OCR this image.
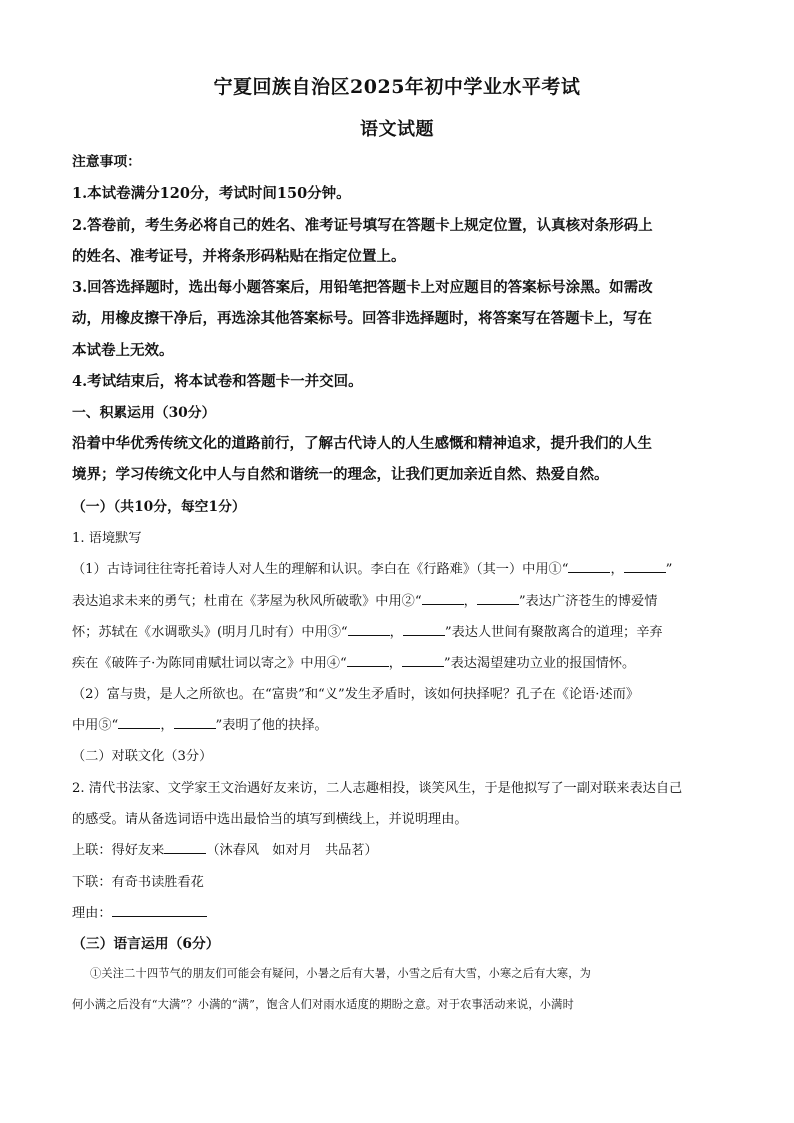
宁夏回族自治区2025年初中学业水平考试
语文试题
注意事项：
1.本试卷满分120分，考试时间150分钟。
2.答卷前，考生务必将自己的姓名、准考证号填写在答题卡上规定位置，认真核对条形码上
的姓名、准考证号，并将条形码粘贴在指定位置上。
3.回答选择题时，选出每小题答案后，用铅笔把答题卡上对应题目的答案标号涂黑。如需改
动，用橡皮擦干净后，再选涂其他答案标号。回答非选择题时，将答案写在答题卡上，写在
本试卷上无效。
4.考试结束后，将本试卷和答题卡一并交回。
一、积累运用（30分）
沿着中华优秀传统文化的道路前行，了解古代诗人的人生感慨和精神追求，提升我们的人生
境界；学习传统文化中人与自然和谐统一的理念，让我们更加亲近自然、热爱自然。
（一）（共10分，每空1分）
1. 语境默写
（1）古诗词往往寄托着诗人对人生的理解和认识。李白在《行路难》（其一）中用①“	，	”
表达追求未来的勇气；杜甫在《茅屋为秋风所破歌》中用②“	，	”表达广济苍生的博爱情
怀；苏轼在《水调歌头》(明月几时有）中用③“	，	”表达人世间有聚散离合的道理；辛弃
疾在《破阵子·为陈同甫赋壮词以寄之》中用④“	，	”表达渴望建功立业的报国情怀。
（2）富与贵，是人之所欲也。在“富贵”和“义”发生矛盾时，该如何抉择呢？孔子在《论语·述而》
中用⑤“	，	”表明了他的抉择。
（二）对联文化（3分）
2. 清代书法家、文学家王文治遇好友来访，二人志趣相投，谈笑风生，于是他拟写了一副对联来表达自己
的感受。请从备选词语中选出最恰当的填写到横线上，并说明理由。
上联：得好友来	（沐春风　如对月　共品茗）
下联：有奇书读胜看花
理由：
（三）语言运用（6分）
①关注二十四节气的朋友们可能会有疑问，小暑之后有大暑，小雪之后有大雪，小寒之后有大寒，为
何小满之后没有“大满”？小满的“满”，饱含人们对雨水适度的期盼之意。对于农事活动来说，小满时
